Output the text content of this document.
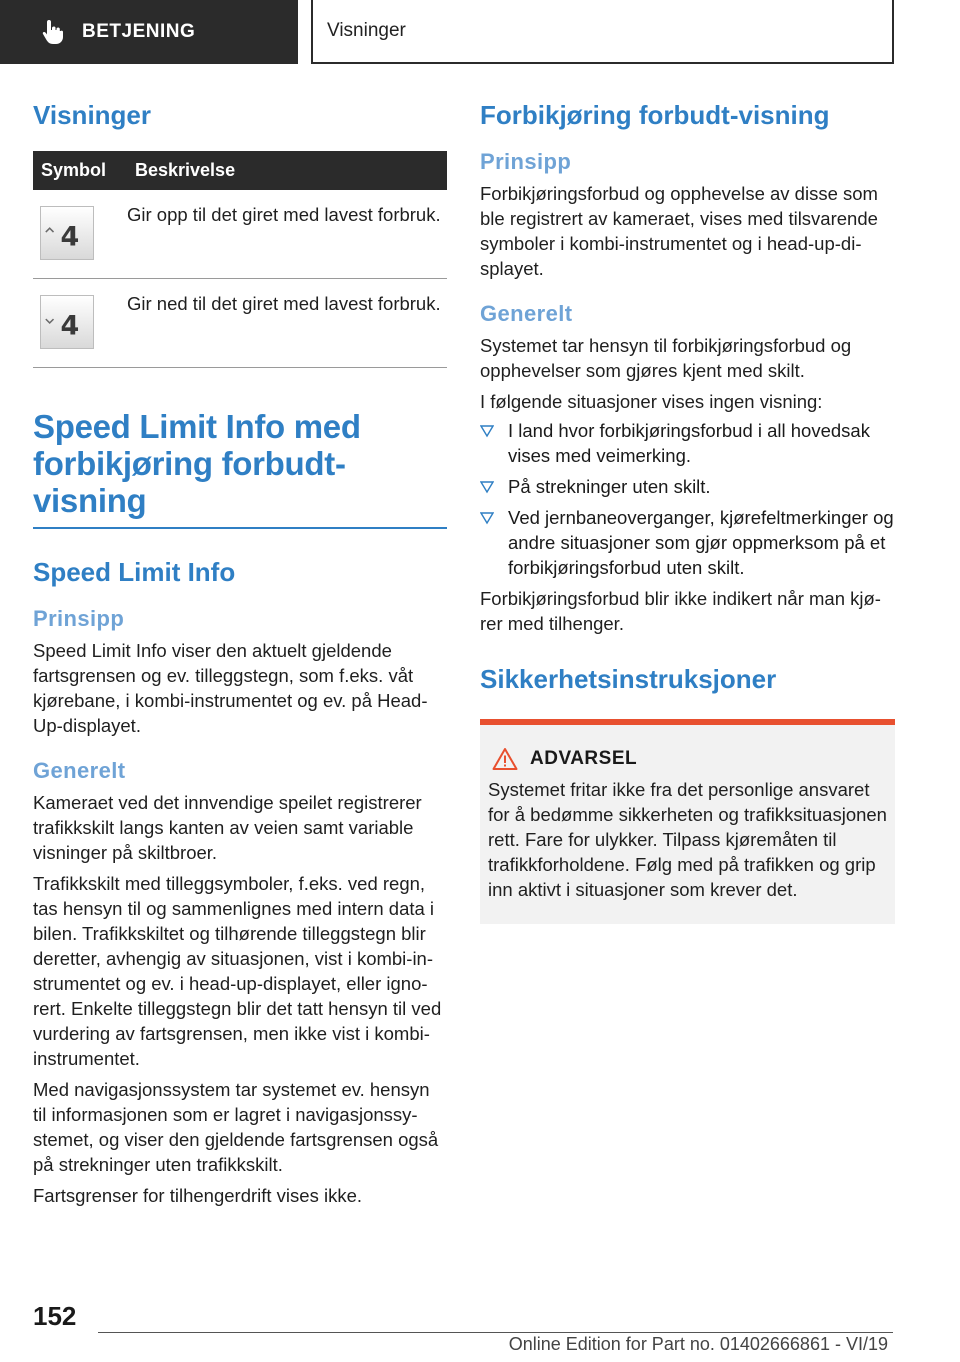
BETJENING	Visninger
Visninger
Symbol	Beskrivelse

4	Gir opp til det giret med lavest forbruk.

4	Gir ned til det giret med lavest forbruk.

Speed Limit Info med forbikjøring forbudt-visning
Speed Limit Info
Prinsipp

Speed Limit Info viser den aktuelt gjeldende fartsgrensen og ev. tilleggstegn, som f.eks. våt kjørebane, i kombi-instrumentet og ev. på Head-Up-displayet.

Generelt

Kameraet ved det innvendige speilet registrerer trafikkskilt langs kanten av veien samt variable visninger på skiltbroer.

Trafikkskilt med tilleggsymboler, f.eks. ved regn, tas hensyn til og sammenlignes med intern data i bilen. Trafikkskiltet og tilhørende tilleggstegn blir deretter, avhengig av situasjonen, vist i kombi-instrumentet og ev. i head-up-displayet, eller ignorert. Enkelte tilleggstegn blir det tatt hensyn til ved vurdering av fartsgrensen, men ikke vist i kombi-instrumentet.

Med navigasjonssystem tar systemet ev. hensyn til informasjonen som er lagret i navigasjonssystemet, og viser den gjeldende fartsgrensen også på strekninger uten trafikkskilt.

Fartsgrenser for tilhengerdrift vises ikke.

Forbikjøring forbudt-visning
Prinsipp

Forbikjøringsforbud og opphevelse av disse som ble registrert av kameraet, vises med tilsvarende symboler i kombi-instrumentet og i head-up-displayet.

Generelt

Systemet tar hensyn til forbikjøringsforbud og opphevelser som gjøres kjent med skilt.

I følgende situasjoner vises ingen visning:

I land hvor forbikjøringsforbud i all hovedsak vises med veimerking.
På strekninger uten skilt.
Ved jernbaneoverganger, kjørefeltmerkinger og andre situasjoner som gjør oppmerksom på et forbikjøringsforbud uten skilt.

Forbikjøringsforbud blir ikke indikert når man kjører med tilhenger.

Sikkerhetsinstruksjoner
ADVARSEL

Systemet fritar ikke fra det personlige ansvaret for å bedømme sikkerheten og trafikksituasjonen rett. Fare for ulykker. Tilpass kjøremåten til trafikkforholdene. Følg med på trafikken og grip inn aktivt i situasjoner som krever det.

152
Online Edition for Part no. 01402666861 - VI/19
